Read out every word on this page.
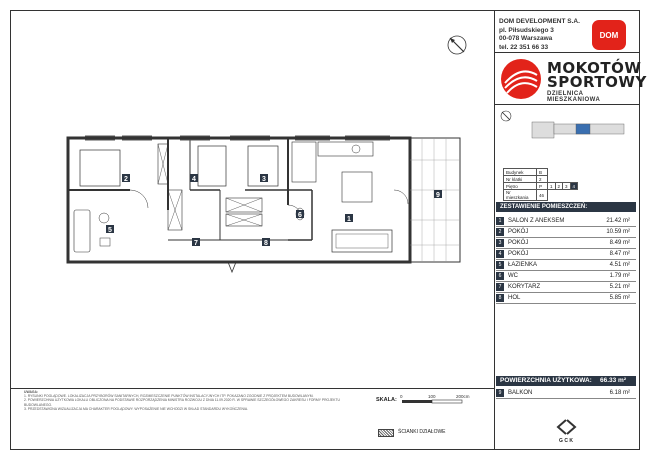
1
2	3
4
5
6
7	8
9
UWAGA:
1. RYSUNKI POGLĄDOWE. LOKALIZACJA PRZYBORÓW SANITARNYCH, ROZMIESZCZENIE PUNKTÓW INSTALACYJNYCH ITP. POKAZANO ZGODNIE Z PROJEKTEM BUDOWLANYM.
2. POWIERZCHNIA UŻYTKOWA LOKALU OBLICZONA NA PODSTAWIE ROZPORZĄDZENIA MINISTRA ROZWOJU Z DNIA 11.09.2020 R. W SPRAWIE SZCZEGÓŁOWEGO ZAKRESU I FORMY PROJEKTU BUDOWLANEGO.
3. PRZEDSTAWIONA WIZUALIZACJA MA CHARAKTER POGLĄDOWY. WYPOSAŻENIE NIE WCHODZI W SKŁAD STANDARDU WYKOŃCZENIA.
SKALA:
0	100	200cm
ŚCIANKI DZIAŁOWE
DOM DEVELOPMENT S.A.
pl. Piłsudskiego 3
00-078 Warszawa
tel. 22 351 66 33
DOM
MOKOTÓW
SPORTOWY
DZIELNICA MIESZKANIOWA
Budynek	B				
Nr klatki	2				
Piętro	P	1	2	3	4
Nr mieszkania	46				
ZESTAWIENIE POMIESZCZEŃ:
1	SALON Z ANEKSEM	21.42 m²
2	POKÓJ	10.59 m²
3	POKÓJ	8.49 m²
4	POKÓJ	8.47 m²
5	ŁAZIENKA	4.51 m²
6	WC	1.79 m²
7	KORYTARZ	5.21 m²
8	HOL	5.85 m²
POWIERZCHNIA UŻYTKOWA: 66.33 m²
9	BALKON	6.18 m²
G C K
